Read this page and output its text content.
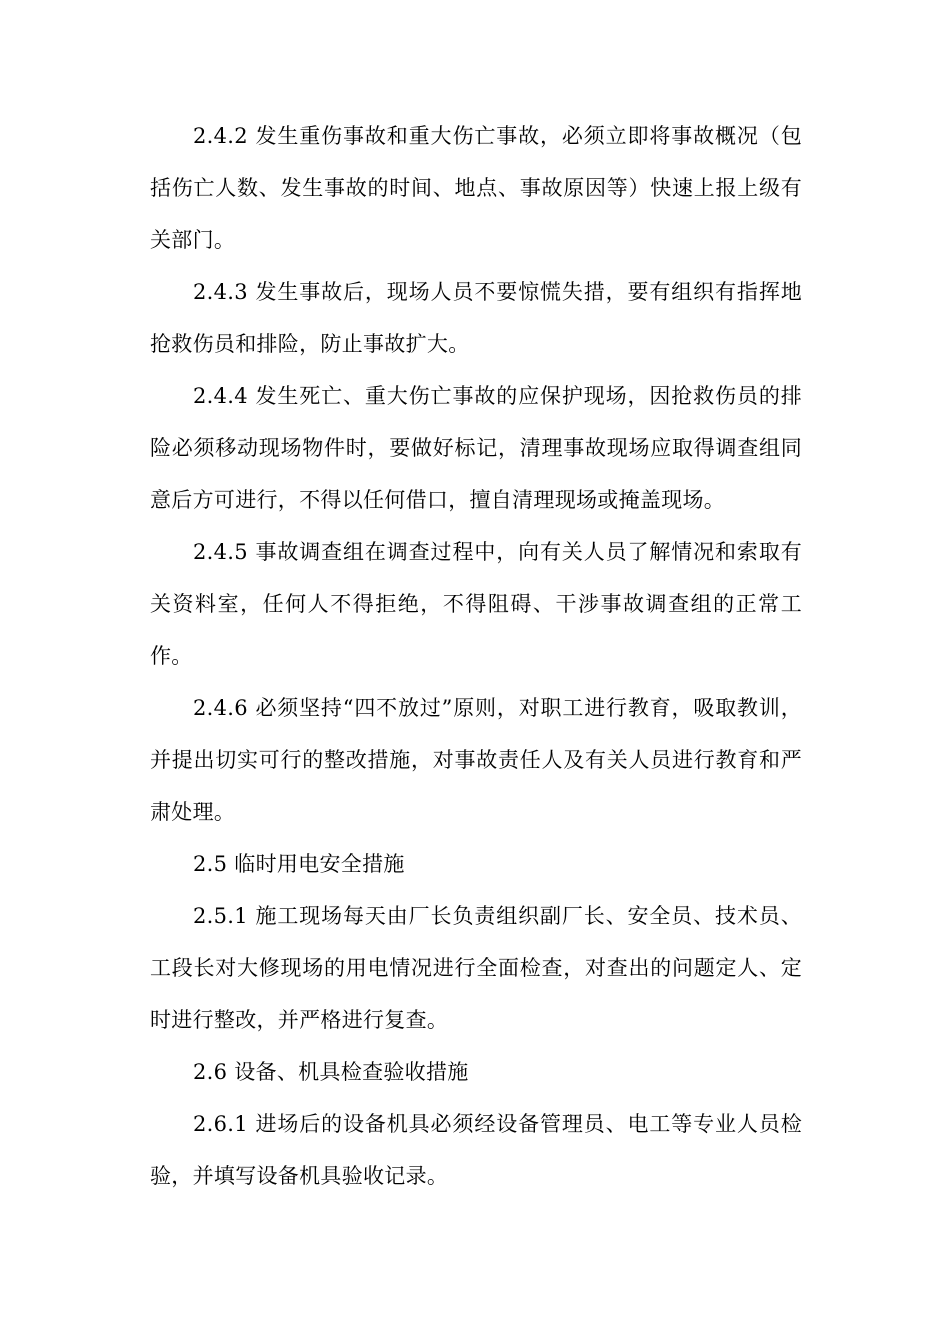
2.4.2 发生重伤事故和重大伤亡事故，必须立即将事故概况（包括伤亡人数、发生事故的时间、地点、事故原因等）快速上报上级有关部门。

2.4.3 发生事故后，现场人员不要惊慌失措，要有组织有指挥地抢救伤员和排险，防止事故扩大。

2.4.4 发生死亡、重大伤亡事故的应保护现场，因抢救伤员的排险必须移动现场物件时，要做好标记，清理事故现场应取得调查组同意后方可进行，不得以任何借口，擅自清理现场或掩盖现场。

2.4.5 事故调查组在调查过程中，向有关人员了解情况和索取有关资料室，任何人不得拒绝，不得阻碍、干涉事故调查组的正常工作。

2.4.6 必须坚持“四不放过”原则，对职工进行教育，吸取教训，并提出切实可行的整改措施，对事故责任人及有关人员进行教育和严肃处理。

2.5 临时用电安全措施

2.5.1 施工现场每天由厂长负责组织副厂长、安全员、技术员、工段长对大修现场的用电情况进行全面检查，对查出的问题定人、定时进行整改，并严格进行复查。

2.6 设备、机具检查验收措施

2.6.1 进场后的设备机具必须经设备管理员、电工等专业人员检验，并填写设备机具验收记录。
